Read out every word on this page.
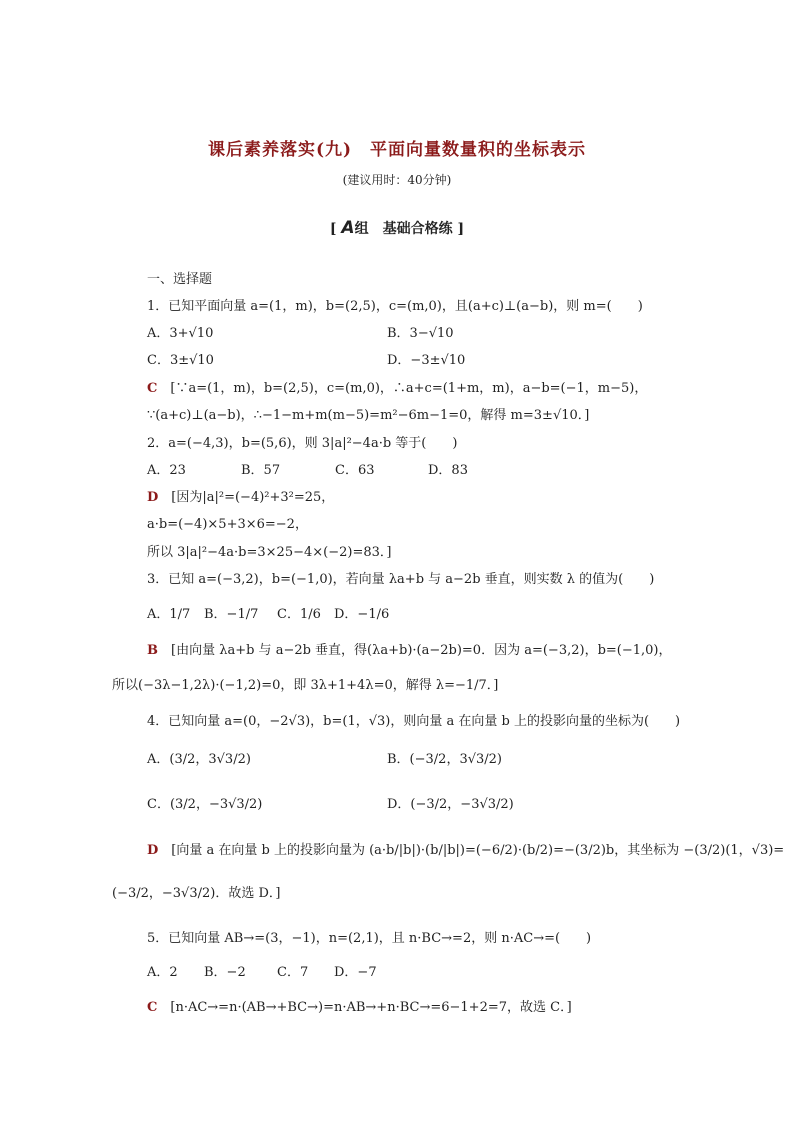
课后素养落实(九)　平面向量数量积的坐标表示
(建议用时：40分钟)
[ A组　基础合格练 ]
一、选择题
1．已知平面向量 a=(1，m)，b=(2,5)，c=(m,0)，且(a+c)⊥(a−b)，则 m=(　　)
A．3+√10	B．3−√10
C．3±√10	D．−3±√10
C　 [∵a=(1，m)，b=(2,5)，c=(m,0)，∴a+c=(1+m，m)，a−b=(−1，m−5)，
∵(a+c)⊥(a−b)，∴−1−m+m(m−5)=m²−6m−1=0，解得 m=3±√10．]
2．a=(−4,3)，b=(5,6)，则 3|a|²−4a·b 等于(　　)
A．23	B．57	C．63	D．83
D　 [因为|a|²=(−4)²+3²=25，
a·b=(−4)×5+3×6=−2，
所以 3|a|²−4a·b=3×25−4×(−2)=83．]
3．已知 a=(−3,2)，b=(−1,0)，若向量 λa+b 与 a−2b 垂直，则实数 λ 的值为(　　)
A．1/7 B．−1/7 C．1/6 D．−1/6
B　 [由向量 λa+b 与 a−2b 垂直，得(λa+b)·(a−2b)=0．因为 a=(−3,2)，b=(−1,0)，
所以(−3λ−1,2λ)·(−1,2)=0，即 3λ+1+4λ=0，解得 λ=−1/7．]
4．已知向量 a=(0，−2√3)，b=(1，√3)，则向量 a 在向量 b 上的投影向量的坐标为(　　)
A．(3/2，3√3/2)	B．(−3/2，3√3/2)
C．(3/2，−3√3/2)	D．(−3/2，−3√3/2)
D　 [向量 a 在向量 b 上的投影向量为 (a·b/|b|)·(b/|b|)=(−6/2)·(b/2)=−(3/2)b，其坐标为 −(3/2)(1，√3)=
(−3/2，−3√3/2)．故选 D．]
5．已知向量 AB→=(3，−1)，n=(2,1)，且 n·BC→=2，则 n·AC→=(　　)
A．2 B．−2 C．7 D．−7
C　 [n·AC→=n·(AB→+BC→)=n·AB→+n·BC→=6−1+2=7，故选 C．]
